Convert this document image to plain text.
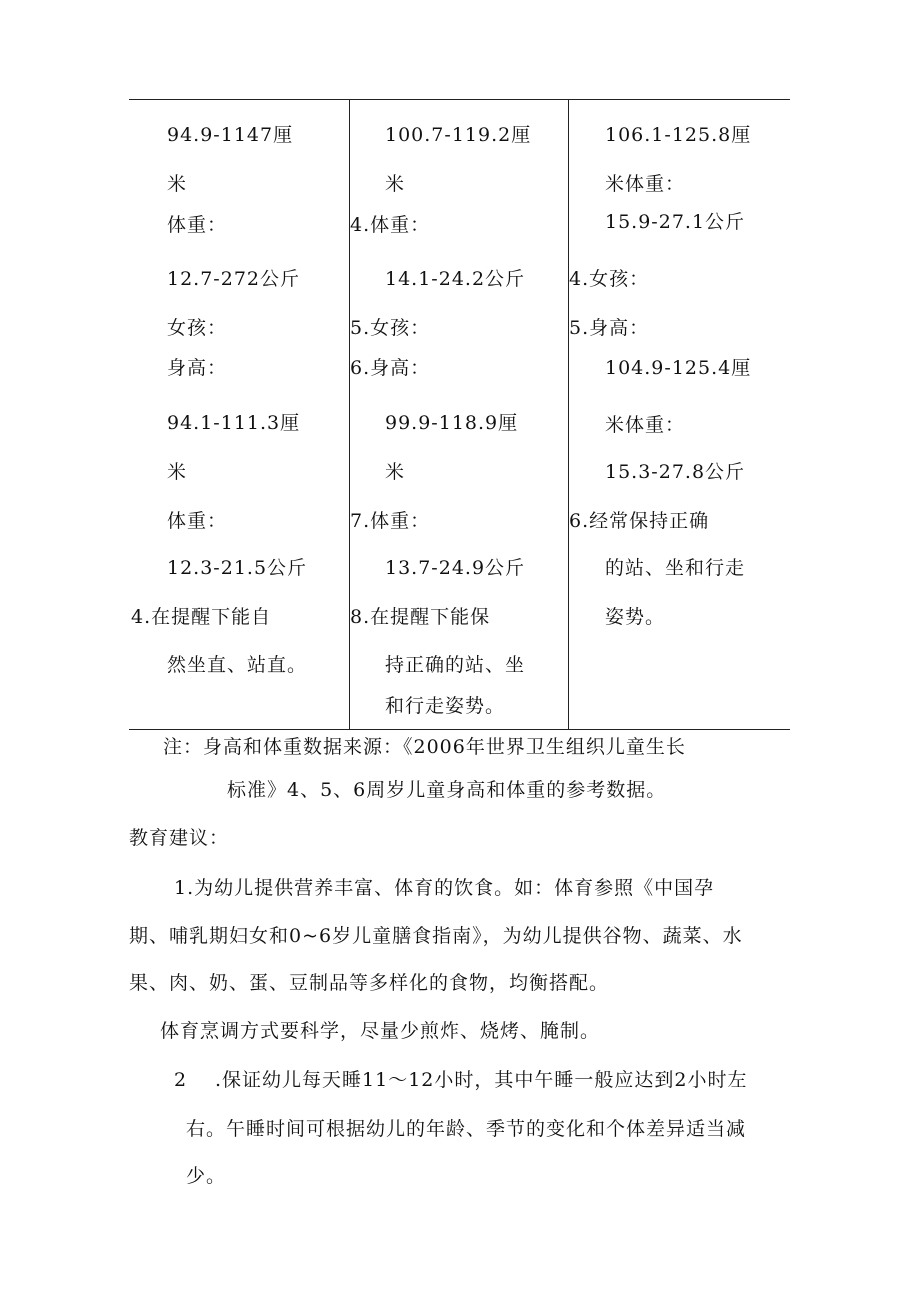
94.9-1147厘
米
体重：
12.7-272公斤
女孩：
身高：
94.1-111.3厘
米
体重：
12.3-21.5公斤
4.在提醒下能自
然坐直、站直。
100.7-119.2厘
米
4.体重：
14.1-24.2公斤
5.女孩：
6.身高：
99.9-118.9厘
米
7.体重：
13.7-24.9公斤
8.在提醒下能保
持正确的站、坐
和行走姿势。
106.1-125.8厘
米体重：
15.9-27.1公斤
4.女孩：
5.身高：
104.9-125.4厘
米体重：
15.3-27.8公斤
6.经常保持正确
的站、坐和行走
姿势。
注：身高和体重数据来源：《2006年世界卫生组织儿童生长
标准》4、5、6周岁儿童身高和体重的参考数据。
教育建议：
1.为幼儿提供营养丰富、体育的饮食。如：体育参照《中国孕
期、哺乳期妇女和0~6岁儿童膳食指南》，为幼儿提供谷物、蔬菜、水
果、肉、奶、蛋、豆制品等多样化的食物，均衡搭配。
体育烹调方式要科学，尽量少煎炸、烧烤、腌制。
2 .保证幼儿每天睡11～12小时，其中午睡一般应达到2小时左
右。午睡时间可根据幼儿的年龄、季节的变化和个体差异适当减
少。
